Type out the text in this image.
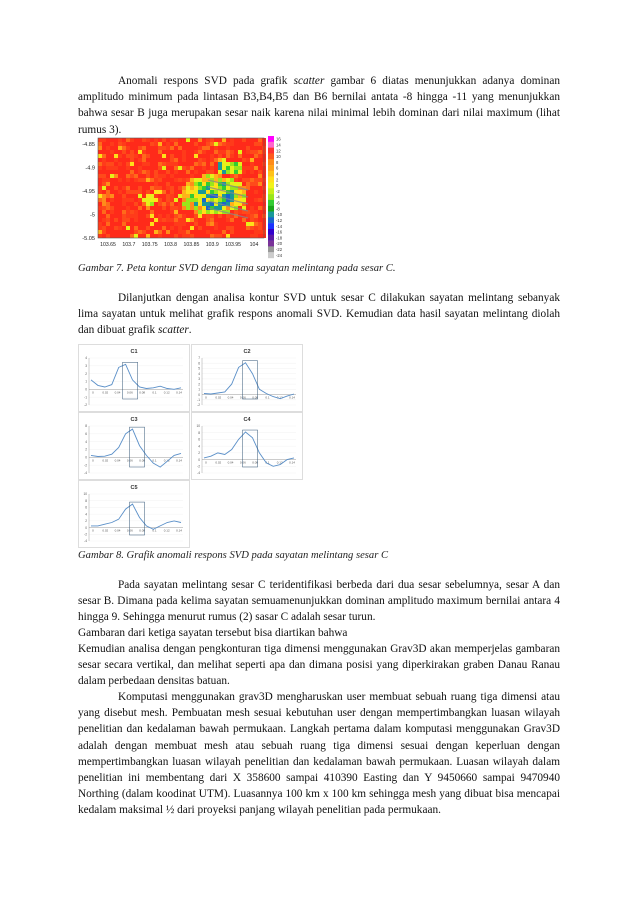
Anomali respons SVD pada grafik scatter gambar 6 diatas menunjukkan adanya dominan amplitudo minimum pada lintasan B3,B4,B5 dan B6 bernilai antata -8 hingga -11 yang menunjukkan bahwa sesar B juga merupakan sesar naik karena nilai minimal lebih dominan dari nilai maximum (lihat rumus 3).

-4.85
-4.9
-4.95
-5
-5.05
103.65 103.7 103.75 103.8 103.85 103.9 103.95 104
16
14
12
10
8
6
4
2
0
-2
-4
-6
-8
-10
-12
-14
-16
-18
-20
-22
-24
Gambar 7. Peta kontur SVD dengan lima sayatan melintang pada sesar C.

Dilanjutkan dengan analisa kontur SVD untuk sesar C dilakukan sayatan melintang sebanyak lima sayatan untuk melihat grafik respons anomali SVD. Kemudian data hasil sayatan melintang diolah dan dibuat grafik scatter.

C1
4
3
2
1
0
-1
-2
0	0.02 0.04 0.06 0.08 0.1 0.12 0.14
C2
7
6
5
4
3
2
1
0
-1
-2
0	0.02 0.04 0.06 0.08 0.1 0.12 0.14
C3
8
6
4
2
0
-2
-4
0	0.02 0.04 0.06 0.08 0.1 0.12 0.14
C4
10
8
6
4
2
0
-2
-4
0	0.02 0.04 0.06 0.08 0.1 0.12 0.14
C5
10
8
6
4
2
0
-2
-4
0	0.02 0.04 0.06 0.08 0.1 0.12 0.14
Gambar 8. Grafik anomali respons SVD pada sayatan melintang sesar C

Pada sayatan melintang sesar C teridentifikasi berbeda dari dua sesar sebelumnya, sesar A dan sesar B. Dimana pada kelima sayatan semuamenunjukkan dominan amplitudo maximum bernilai antara 4 hingga 9. Sehingga menurut rumus (2) sasar C adalah sesar turun.

Gambaran dari ketiga sayatan tersebut bisa diartikan bahwa

Kemudian analisa dengan pengkonturan tiga dimensi menggunakan Grav3D akan memperjelas gambaran sesar secara vertikal, dan melihat seperti apa dan dimana posisi yang diperkirakan graben Danau Ranau dalam perbedaan densitas batuan.

Komputasi menggunakan grav3D mengharuskan user membuat sebuah ruang tiga dimensi atau yang disebut mesh. Pembuatan mesh sesuai kebutuhan user dengan mempertimbangkan luasan wilayah penelitian dan kedalaman bawah permukaan. Langkah pertama dalam komputasi menggunakan Grav3D adalah dengan membuat mesh atau sebuah ruang tiga dimensi sesuai dengan keperluan dengan mempertimbangkan luasan wilayah penelitian dan kedalaman bawah permukaan. Luasan wilayah dalam penelitian ini membentang dari X 358600 sampai 410390 Easting dan Y 9450660 sampai 9470940 Northing (dalam koodinat UTM). Luasannya 100 km x 100 km sehingga mesh yang dibuat bisa mencapai kedalam maksimal ½ dari proyeksi panjang wilayah penelitian pada permukaan.
